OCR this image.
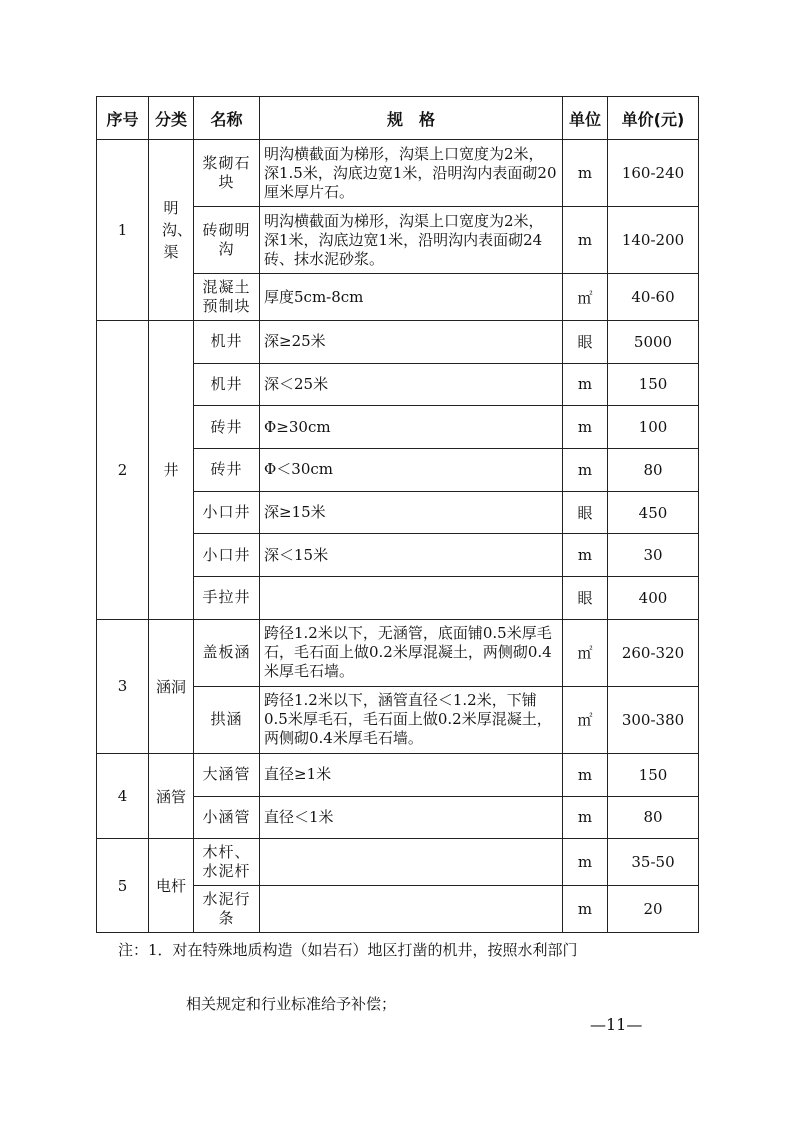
序号	分类	名称	规　格	单位	单价(元)
1	明沟、渠	浆砌石块	明沟横截面为梯形，沟渠上口宽度为2米，深1.5米，沟底边宽1米，沿明沟内表面砌20厘米厚片石。	m	160-240
		砖砌明沟	明沟横截面为梯形，沟渠上口宽度为2米，深1米，沟底边宽1米，沿明沟内表面砌24砖、抹水泥砂浆。	m	140-200
		混凝土预制块	厚度5cm-8cm	㎡	40-60
2	井	机井	深≥25米	眼	5000
		机井	深＜25米	m	150
		砖井	Φ≥30cm	m	100
		砖井	Φ＜30cm	m	80
		小口井	深≥15米	眼	450
		小口井	深＜15米	m	30
		手拉井		眼	400
3	涵洞	盖板涵	跨径1.2米以下，无涵管，底面铺0.5米厚毛石，毛石面上做0.2米厚混凝土，两侧砌0.4米厚毛石墙。	㎡	260-320
		拱涵	跨径1.2米以下，涵管直径＜1.2米，下铺0.5米厚毛石，毛石面上做0.2米厚混凝土，两侧砌0.4米厚毛石墙。	㎡	300-380
4	涵管	大涵管	直径≥1米	m	150
		小涵管	直径＜1米	m	80
5	电杆	木杆、水泥杆		m	35-50
		水泥行条		m	20
注：1．对在特殊地质构造（如岩石）地区打凿的机井，按照水利部门
相关规定和行业标准给予补偿；
—11—
